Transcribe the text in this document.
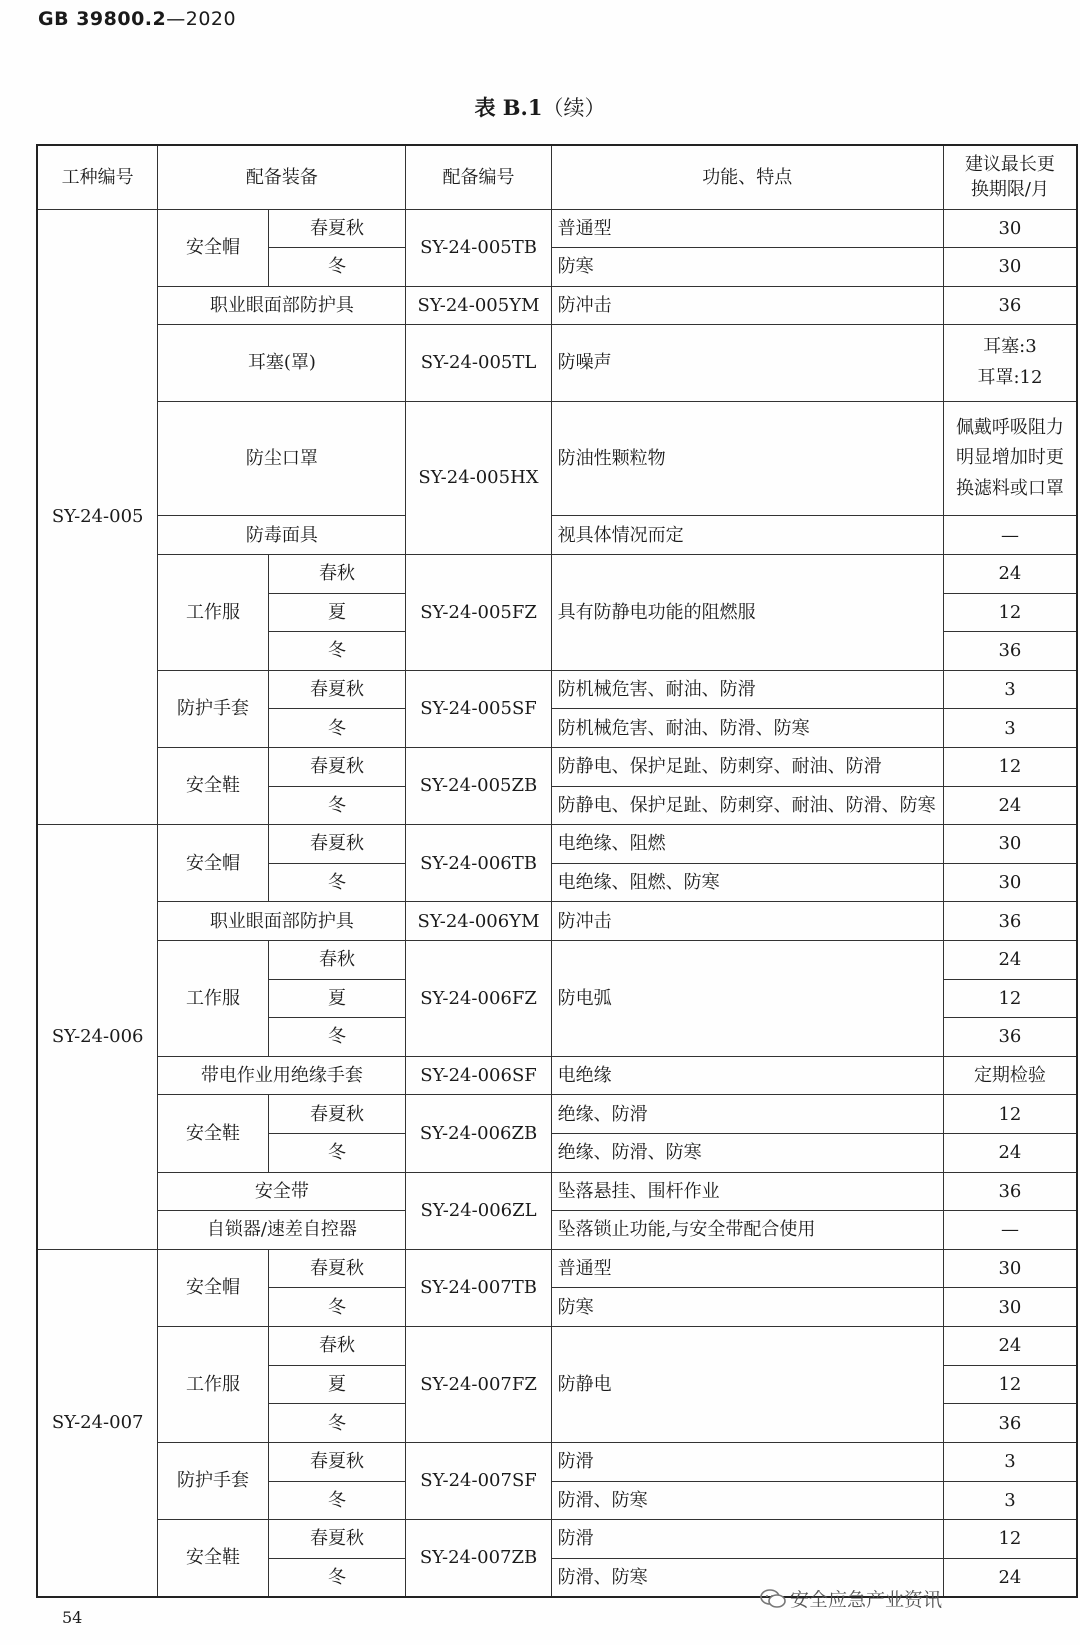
GB 39800.2—2020
表 B.1（续）
工种编号	配备装备		配备编号	功能、特点	建议最长更
换期限/月
SY-24-005	安全帽	春夏秋	SY-24-005TB	普通型	30
		冬		防寒	30
	职业眼面部防护具		SY-24-005YM	防冲击	36
	耳塞(罩)		SY-24-005TL	防噪声	耳塞:3
耳罩:12

	防尘口罩		SY-24-005HX	防油性颗粒物	佩戴呼吸阻力
明显增加时更
换滤料或口罩

	防毒面具			视具体情况而定	—
	工作服	春秋	SY-24-005FZ	具有防静电功能的阻燃服	24
		夏			12
		冬			36
	防护手套	春夏秋	SY-24-005SF	防机械危害、耐油、防滑	3
		冬		防机械危害、耐油、防滑、防寒	3
	安全鞋	春夏秋	SY-24-005ZB	防静电、保护足趾、防刺穿、耐油、防滑	12
		冬		防静电、保护足趾、防刺穿、耐油、防滑、防寒	24
SY-24-006	安全帽	春夏秋	SY-24-006TB	电绝缘、阻燃	30
		冬		电绝缘、阻燃、防寒	30
	职业眼面部防护具		SY-24-006YM	防冲击	36
	工作服	春秋	SY-24-006FZ	防电弧	24
		夏			12
		冬			36
	带电作业用绝缘手套		SY-24-006SF	电绝缘	定期检验
	安全鞋	春夏秋	SY-24-006ZB	绝缘、防滑	12
		冬		绝缘、防滑、防寒	24
	安全带		SY-24-006ZL	坠落悬挂、围杆作业	36
	自锁器/速差自控器			坠落锁止功能,与安全带配合使用	—
SY-24-007	安全帽	春夏秋	SY-24-007TB	普通型	30
		冬		防寒	30
	工作服	春秋	SY-24-007FZ	防静电	24
		夏			12
		冬			36
	防护手套	春夏秋	SY-24-007SF	防滑	3
		冬		防滑、防寒	3
	安全鞋	春夏秋	SY-24-007ZB	防滑	12
		冬		防滑、防寒	24
54
安全应急产业资讯
